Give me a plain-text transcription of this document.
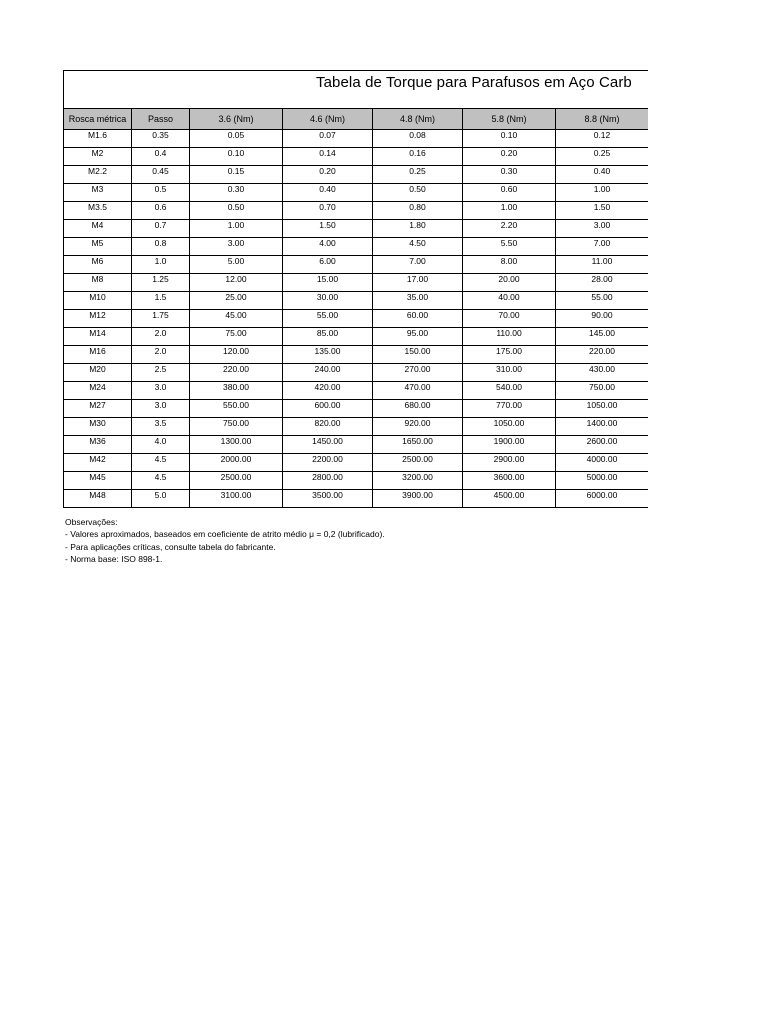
Tabela de Torque para Parafusos em Aço Carb
Rosca métrica	Passo	3.6 (Nm)	4.6 (Nm)	4.8 (Nm)	5.8 (Nm)	8.8 (Nm)
M1.6	0.35	0.05	0.07	0.08	0.10	0.12
M2	0.4	0.10	0.14	0.16	0.20	0.25
M2.2	0.45	0.15	0.20	0.25	0.30	0.40
M3	0.5	0.30	0.40	0.50	0.60	1.00
M3.5	0.6	0.50	0.70	0.80	1.00	1.50
M4	0.7	1.00	1.50	1.80	2.20	3.00
M5	0.8	3.00	4.00	4.50	5.50	7.00
M6	1.0	5.00	6.00	7.00	8.00	11.00
M8	1.25	12.00	15.00	17.00	20.00	28.00
M10	1.5	25.00	30.00	35.00	40.00	55.00
M12	1.75	45.00	55.00	60.00	70.00	90.00
M14	2.0	75.00	85.00	95.00	110.00	145.00
M16	2.0	120.00	135.00	150.00	175.00	220.00
M20	2.5	220.00	240.00	270.00	310.00	430.00
M24	3.0	380.00	420.00	470.00	540.00	750.00
M27	3.0	550.00	600.00	680.00	770.00	1050.00
M30	3.5	750.00	820.00	920.00	1050.00	1400.00
M36	4.0	1300.00	1450.00	1650.00	1900.00	2600.00
M42	4.5	2000.00	2200.00	2500.00	2900.00	4000.00
M45	4.5	2500.00	2800.00	3200.00	3600.00	5000.00
M48	5.0	3100.00	3500.00	3900.00	4500.00	6000.00
Observações:
- Valores aproximados, baseados em coeficiente de atrito médio μ = 0,2 (lubrificado).
- Para aplicações críticas, consulte tabela do fabricante.
- Norma base: ISO 898-1.
